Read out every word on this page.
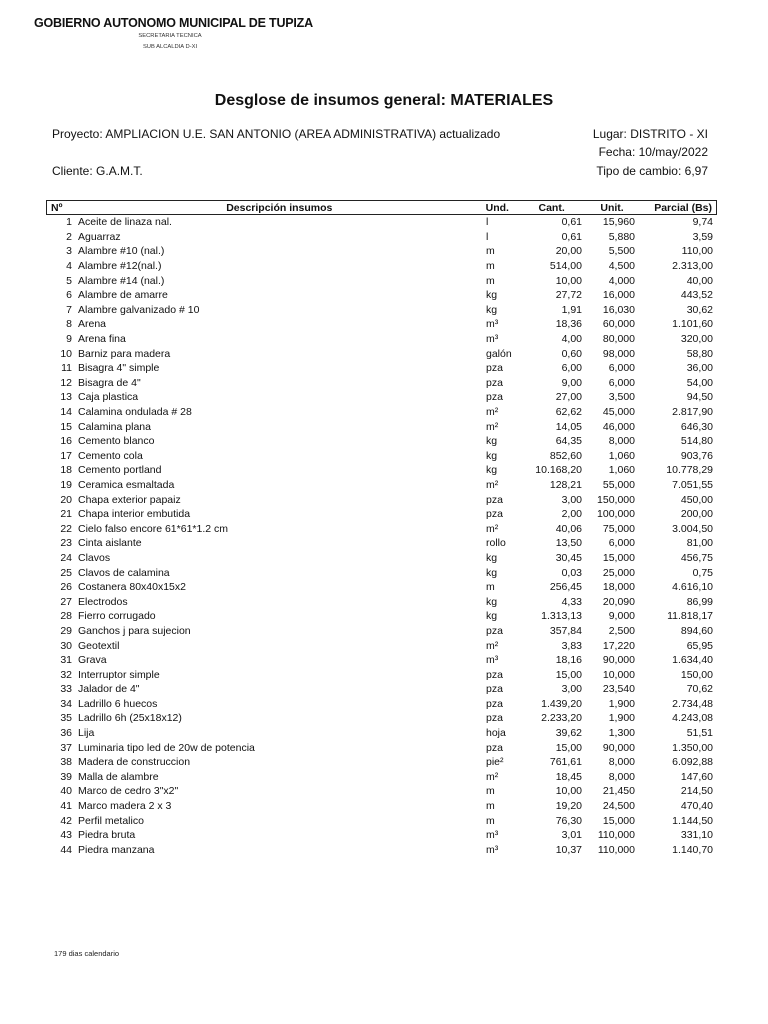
GOBIERNO AUTONOMO MUNICIPAL DE TUPIZA
SECRETARIA TECNICA
SUB ALCALDIA D-XI
Desglose de insumos general: MATERIALES
Proyecto: AMPLIACION U.E. SAN ANTONIO (AREA ADMINISTRATIVA) actualizado
Cliente: G.A.M.T.
Lugar: DISTRITO - XI
Fecha: 10/may/2022
Tipo de cambio: 6,97
Nº	Descripción insumos	Und.	Cant.	Unit.	Parcial (Bs)
1 Aceite de linaza nal.	l	0,61	15,960	9,74
2 Aguarraz	l	0,61	5,880	3,59
3 Alambre #10 (nal.)	m	20,00	5,500	110,00
4 Alambre #12(nal.)	m	514,00	4,500	2.313,00
5 Alambre #14 (nal.)	m	10,00	4,000	40,00
6 Alambre de amarre	kg	27,72	16,000	443,52
7 Alambre galvanizado # 10	kg	1,91	16,030	30,62
8 Arena	m³	18,36	60,000	1.101,60
9 Arena fina	m³	4,00	80,000	320,00
10 Barniz para madera	galón	0,60	98,000	58,80
11 Bisagra 4" simple	pza	6,00	6,000	36,00
12 Bisagra de 4"	pza	9,00	6,000	54,00
13 Caja plastica	pza	27,00	3,500	94,50
14 Calamina ondulada # 28	m²	62,62	45,000	2.817,90
15 Calamina plana	m²	14,05	46,000	646,30
16 Cemento blanco	kg	64,35	8,000	514,80
17 Cemento cola	kg	852,60	1,060	903,76
18 Cemento portland	kg	10.168,20	1,060	10.778,29
19 Ceramica esmaltada	m²	128,21	55,000	7.051,55
20 Chapa exterior papaiz	pza	3,00	150,000	450,00
21 Chapa interior embutida	pza	2,00	100,000	200,00
22 Cielo falso encore 61*61*1.2 cm	m²	40,06	75,000	3.004,50
23 Cinta aislante	rollo	13,50	6,000	81,00
24 Clavos	kg	30,45	15,000	456,75
25 Clavos de calamina	kg	0,03	25,000	0,75
26 Costanera 80x40x15x2	m	256,45	18,000	4.616,10
27 Electrodos	kg	4,33	20,090	86,99
28 Fierro corrugado	kg	1.313,13	9,000	11.818,17
29 Ganchos j para sujecion	pza	357,84	2,500	894,60
30 Geotextil	m²	3,83	17,220	65,95
31 Grava	m³	18,16	90,000	1.634,40
32 Interruptor simple	pza	15,00	10,000	150,00
33 Jalador de 4"	pza	3,00	23,540	70,62
34 Ladrillo 6 huecos	pza	1.439,20	1,900	2.734,48
35 Ladrillo 6h (25x18x12)	pza	2.233,20	1,900	4.243,08
36 Lija	hoja	39,62	1,300	51,51
37 Luminaria tipo led de 20w de potencia	pza	15,00	90,000	1.350,00
38 Madera de construccion	pie²	761,61	8,000	6.092,88
39 Malla de alambre	m²	18,45	8,000	147,60
40 Marco de cedro 3"x2"	m	10,00	21,450	214,50
41 Marco madera 2 x 3	m	19,20	24,500	470,40
42 Perfil metalico	m	76,30	15,000	1.144,50
43 Piedra bruta	m³	3,01	110,000	331,10
44 Piedra manzana	m³	10,37	110,000	1.140,70
179 dias calendario
